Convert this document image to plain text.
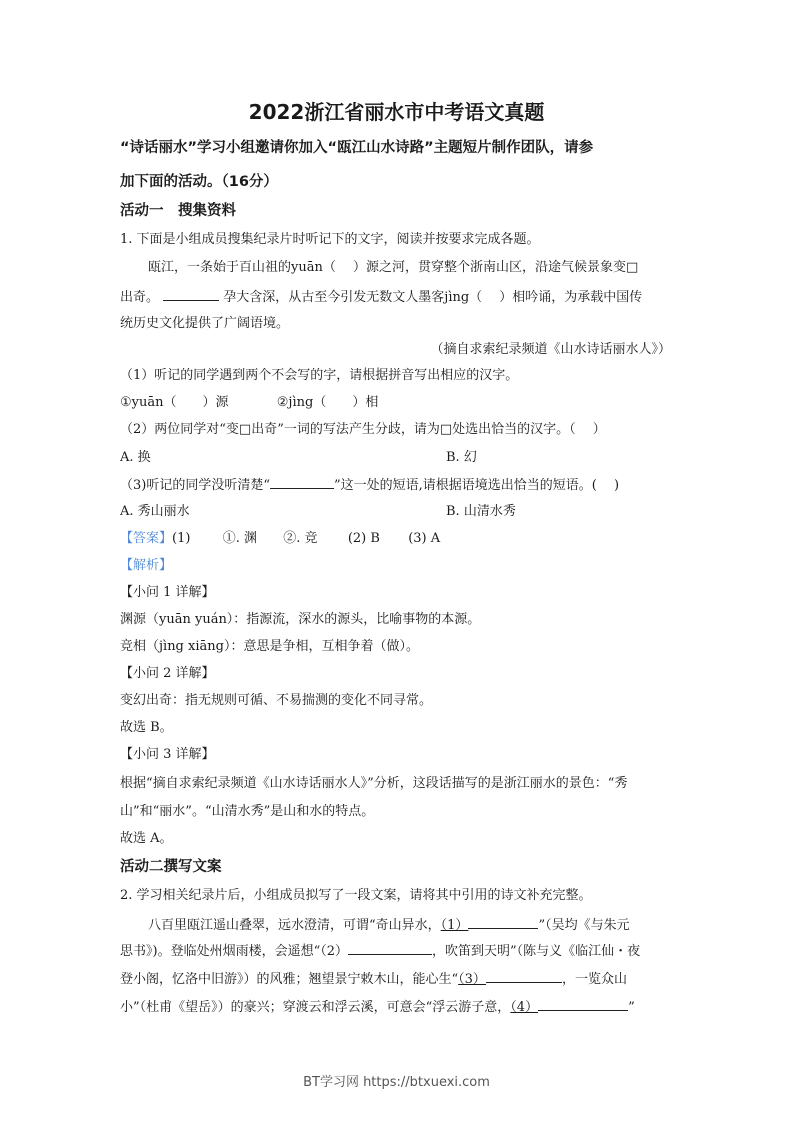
2022浙江省丽水市中考语文真题
“诗话丽水”学习小组邀请你加入“瓯江山水诗路”主题短片制作团队，请参
加下面的活动。（16分）
活动一　搜集资料
1. 下面是小组成员搜集纪录片时听记下的文字，阅读并按要求完成各题。
瓯江，一条始于百山祖的yuān（　 ）源之河，贯穿整个浙南山区，沿途气候景象变□
出奇。	孕大含深，从古至今引发无数文人墨客jìng（　 ）相吟诵，为承载中国传
统历史文化提供了广阔语境。
（摘自求索纪录频道《山水诗话丽水人》）
（1）听记的同学遇到两个不会写的字，请根据拼音写出相应的汉字。
①yuān（　　）源	②jìng（　　）相
（2）两位同学对“变□出奇”一词的写法产生分歧，请为□处选出恰当的汉字。（　 ）
A. 换	B. 幻
（3)听记的同学没听清楚“	”这一处的短语,请根据语境选出恰当的短语。(　 )
A. 秀山丽水	B. 山清水秀
【答案】(1) ①. 渊 ②. 竞 (2) B (3) A
【解析】
【小问 1 详解】
渊源（yuān yuán）：指源流，深水的源头，比喻事物的本源。
竞相（jìng xiāng）：意思是争相，互相争着（做）。
【小问 2 详解】
变幻出奇：指无规则可循、不易揣测的变化不同寻常。
故选 B。
【小问 3 详解】
根据“摘自求索纪录频道《山水诗话丽水人》”分析，这段话描写的是浙江丽水的景色：“秀
山”和“丽水”。“山清水秀”是山和水的特点。
故选 A。
活动二撰写文案
2. 学习相关纪录片后，小组成员拟写了一段文案，请将其中引用的诗文补充完整。
八百里瓯江遥山叠翠，远水澄清，可谓“奇山异水，（1）	”（吴均《与朱元
思书》)。登临处州烟雨楼，会遥想“（2）	，吹笛到天明”（陈与义《临江仙・夜
登小阁，忆洛中旧游》）的风雅；翘望景宁敕木山，能心生“（3）	，一览众山
小”（杜甫《望岳》）的豪兴；穿渡云和浮云溪，可意会“浮云游子意，（4）	”
BT学习网 https://btxuexi.com
